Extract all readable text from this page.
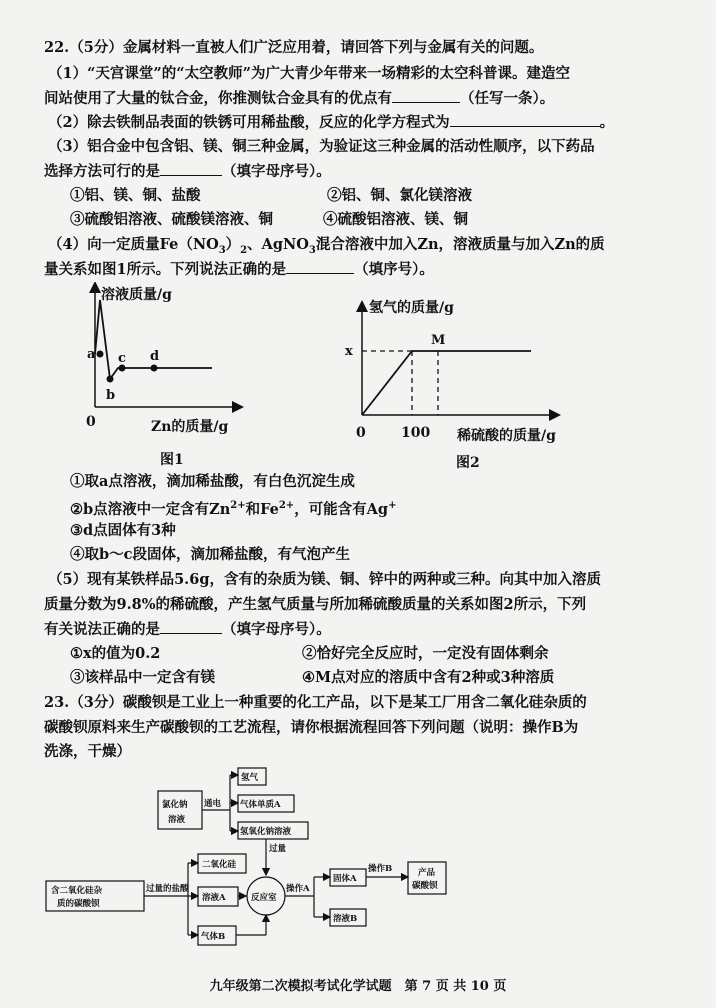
22.（5分）金属材料一直被人们广泛应用着，请回答下列与金属有关的问题。
（1）“天宫课堂”的“太空教师”为广大青少年带来一场精彩的太空科普课。建造空
间站使用了大量的钛合金，你推测钛合金具有的优点有	（任写一条）。
（2）除去铁制品表面的铁锈可用稀盐酸，反应的化学方程式为	。
（3）铝合金中包含铝、镁、铜三种金属，为验证这三种金属的活动性顺序，以下药品
选择方法可行的是	（填字母序号）。
①铝、镁、铜、盐酸	②铝、铜、氯化镁溶液
③硫酸铝溶液、硫酸镁溶液、铜	④硫酸铝溶液、镁、铜
（4）向一定质量$Fe(NO_3)_2$、AgNO$_3$混合溶液中加入Zn，溶液质量与加入Zn的质
量关系如图1所示。下列说法正确的是	（填序号）。
a
b
c d
0
溶液质量/g
Zn的质量/g
图1
M
x
0	100
氢气的质量/g
稀硫酸的质量/g
图2
①取a点溶液，滴加稀盐酸，有白色沉淀生成
②b点溶液中一定含有$Zn^{2+}$和$Fe^{2+}$，可能含有Ag+
③d点固体有3种
④取b～c段固体，滴加稀盐酸，有气泡产生
（5）现有某铁样品5.6g，含有的杂质为镁、铜、锌中的两种或三种。向其中加入溶质
质量分数为9.8%的稀硫酸，产生氢气质量与所加稀硫酸质量的关系如图2所示，下列
有关说法正确的是	（填字母序号）。
①x的值为0.2	②恰好完全反应时，一定没有固体剩余
③该样品中一定含有镁	④M点对应的溶质中含有2种或3种溶质
23.（3分）碳酸钡是工业上一种重要的化工产品，以下是某工厂用含二氧化硅杂质的
碳酸钡原料来生产碳酸钡的工艺流程，请你根据流程回答下列问题（说明：操作B为
洗涤，干燥）
含二氧化硅杂
质的碳酸钡
过量的盐酸
二氧化硅
溶液A
气体B
反应室
操作A
固体A
操作B	产品
碳酸钡
溶液B
氯化钠
溶液
通电
氢气
气体单质A
氢氧化钠溶液
过量
九年级第二次模拟考试化学试题　第 7 页 共 10 页
